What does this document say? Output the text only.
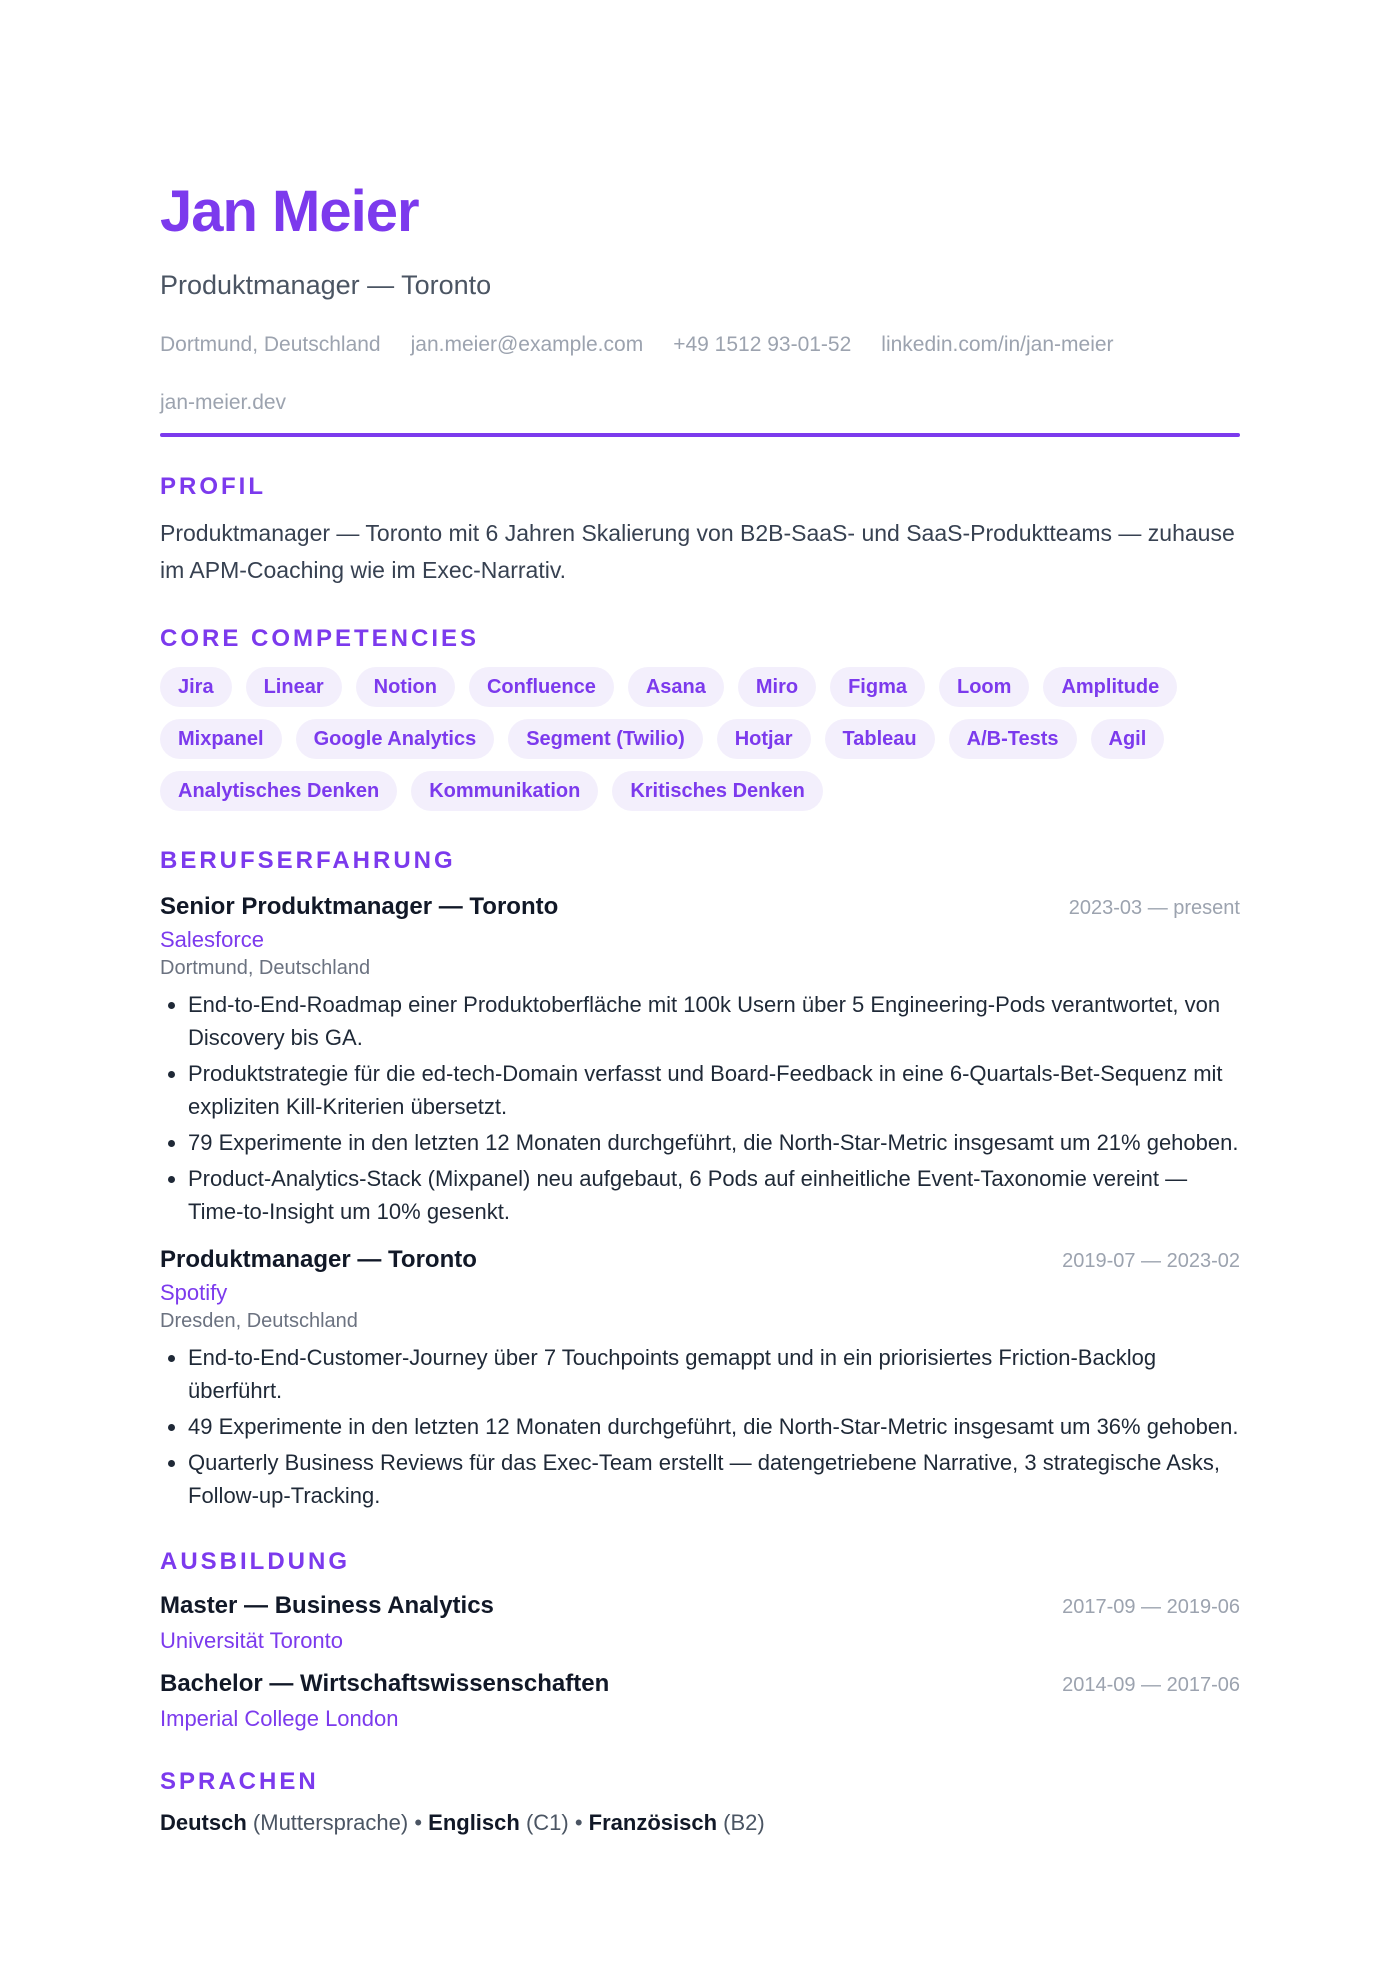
Jan Meier
Produktmanager — Toronto
Dortmund, Deutschland jan.meier@example.com +49 1512 93-01-52 linkedin.com/in/jan-meier
jan-meier.dev
PROFIL

Produktmanager — Toronto mit 6 Jahren Skalierung von B2B-SaaS- und SaaS-Produktteams — zuhause im APM-Coaching wie im Exec-Narrativ.

CORE COMPETENCIES
Jira	Linear	Notion	Confluence	Asana	Miro	Figma	Loom	Amplitude
Mixpanel	Google Analytics	Segment (Twilio)	Hotjar	Tableau	A/B-Tests	Agil
Analytisches Denken	Kommunikation	Kritisches Denken
BERUFSERFAHRUNG
Senior Produktmanager — Toronto	2023-03 — present
Salesforce
Dortmund, Deutschland
• End-to-End-Roadmap einer Produktoberfläche mit 100k Usern über 5 Engineering-Pods verantwortet, von Discovery bis GA.
• Produktstrategie für die ed-tech-Domain verfasst und Board-Feedback in eine 6-Quartals-Bet-Sequenz mit expliziten Kill-Kriterien übersetzt.
• 79 Experimente in den letzten 12 Monaten durchgeführt, die North-Star-Metric insgesamt um 21% gehoben.
• Product-Analytics-Stack (Mixpanel) neu aufgebaut, 6 Pods auf einheitliche Event-Taxonomie vereint — Time-to-Insight um 10% gesenkt.
Produktmanager — Toronto	2019-07 — 2023-02
Spotify
Dresden, Deutschland
• End-to-End-Customer-Journey über 7 Touchpoints gemappt und in ein priorisiertes Friction-Backlog überführt.
• 49 Experimente in den letzten 12 Monaten durchgeführt, die North-Star-Metric insgesamt um 36% gehoben.
• Quarterly Business Reviews für das Exec-Team erstellt — datengetriebene Narrative, 3 strategische Asks, Follow-up-Tracking.
AUSBILDUNG
Master — Business Analytics	2017-09 — 2019-06
Universität Toronto
Bachelor — Wirtschaftswissenschaften	2014-09 — 2017-06
Imperial College London
SPRACHEN
Deutsch (Muttersprache) • Englisch (C1) • Französisch (B2)
